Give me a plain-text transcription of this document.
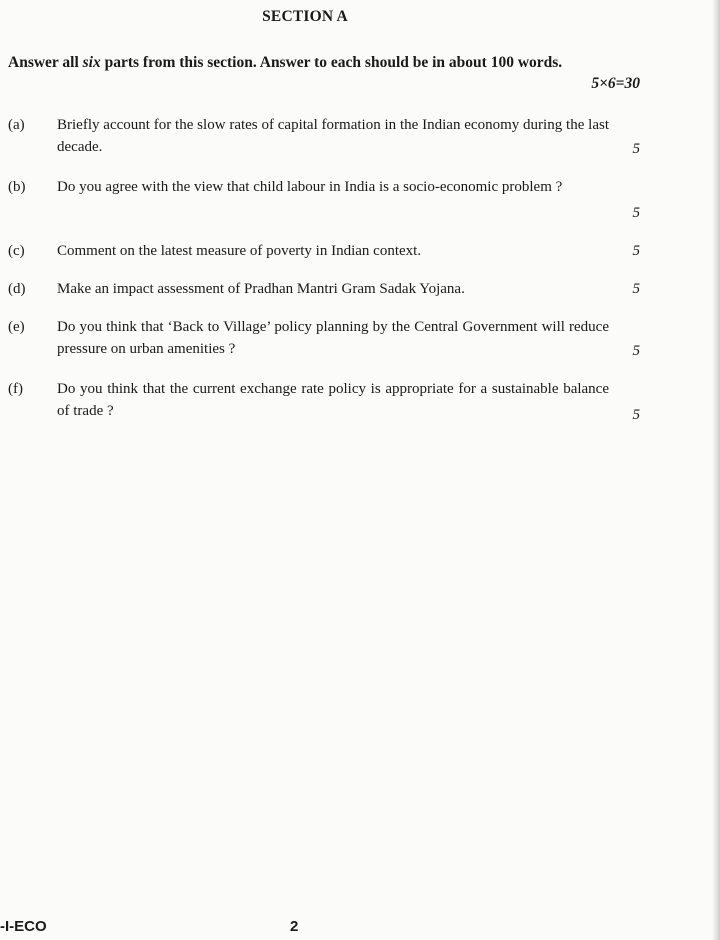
SECTION A
Answer all six parts from this section. Answer to each should be in about 100 words.
5×6=30
(a) Briefly account for the slow rates of capital formation in the Indian economy during the last decade.	5
(b) Do you agree with the view that child labour in India is a socio-economic problem ?
5
(c) Comment on the latest measure of poverty in Indian context.	5
(d) Make an impact assessment of Pradhan Mantri Gram Sadak Yojana.	5
(e) Do you think that ‘Back to Village’ policy planning by the Central Government will reduce pressure on urban amenities ?	5
(f) Do you think that the current exchange rate policy is appropriate for a sustainable balance of trade ?	5
-I-ECO	2
